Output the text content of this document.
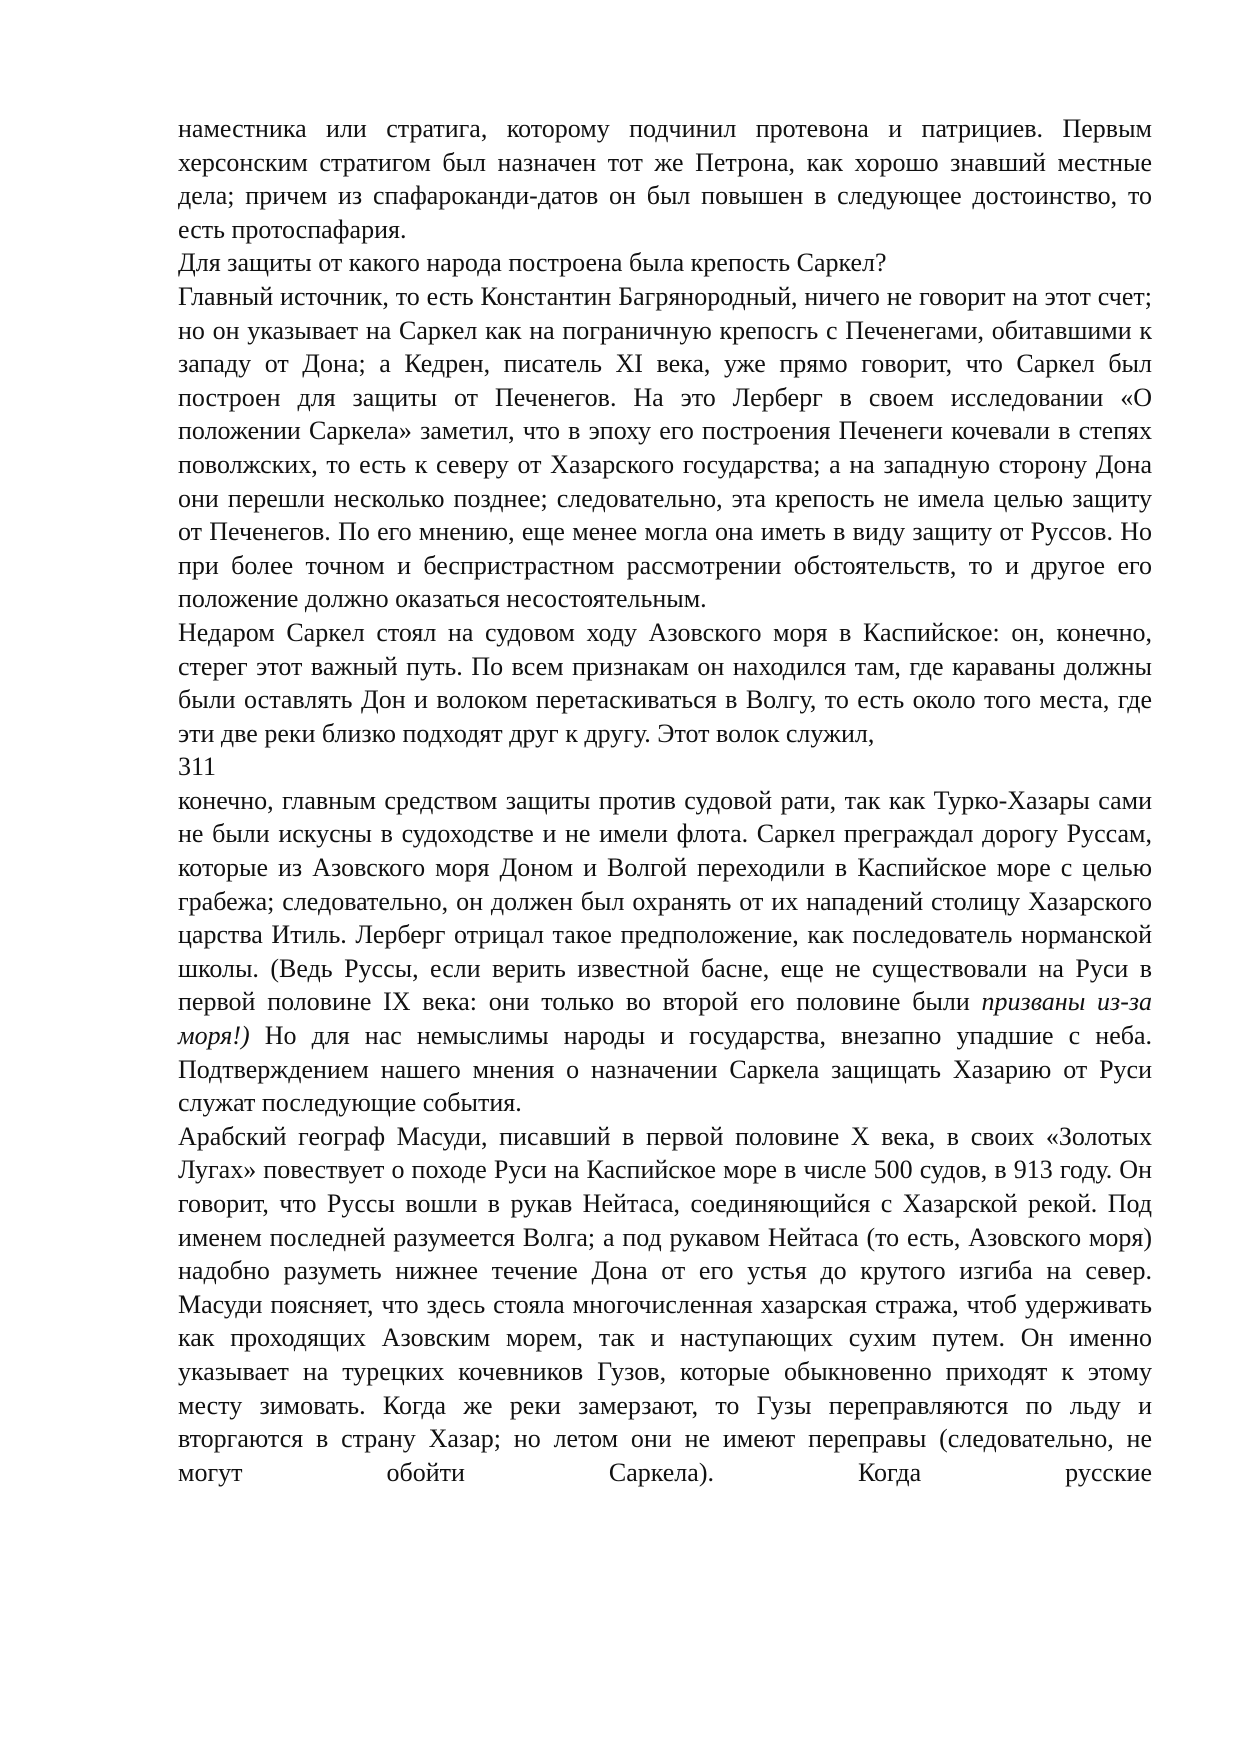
наместника или стратига, которому подчинил протевона и патрициев. Первым херсонским стратигом был назначен тот же Петрона, как хорошо знавший местные дела; причем из спафароканди-датов он был повышен в следующее достоинство, то есть протоспафария.

Для защиты от какого народа построена была крепость Саркел?

Главный источник, то есть Константин Багрянородный, ничего не говорит на этот счет; но он указывает на Саркел как на пограничную крепосгь с Печенегами, обитавшими к западу от Дона; а Кедрен, писатель XI века, уже прямо говорит, что Саркел был построен для защиты от Печенегов. На это Лерберг в своем исследовании «О положении Саркела» заметил, что в эпоху его построения Печенеги кочевали в степях поволжских, то есть к северу от Хазарского государства; а на западную сторону Дона они перешли несколько позднее; следовательно, эта крепость не имела целью защиту от Печенегов. По его мнению, еще менее могла она иметь в виду защиту от Руссов. Но при более точном и беспристрастном рассмотрении обстоятельств, то и другое его положение должно оказаться несостоятельным.

Недаром Саркел стоял на судовом ходу Азовского моря в Каспийское: он, конечно, стерег этот важный путь. По всем признакам он находился там, где караваны должны были оставлять Дон и волоком перетаскиваться в Волгу, то есть около того места, где эти две реки близко подходят друг к другу. Этот волок служил,

311

конечно, главным средством защиты против судовой рати, так как Турко-Хазары сами не были искусны в судоходстве и не имели флота. Саркел преграждал дорогу Руссам, которые из Азовского моря Доном и Волгой переходили в Каспийское море с целью грабежа; следовательно, он должен был охранять от их нападений столицу Хазарского царства Итиль. Лерберг отрицал такое предположение, как последователь норманской школы. (Ведь Руссы, если верить известной басне, еще не существовали на Руси в первой половине IX века: они только во второй его половине были призваны из-за моря!) Но для нас немыслимы народы и государства, внезапно упадшие с неба. Подтверждением нашего мнения о назначении Саркела защищать Хазарию от Руси служат последующие события.

Арабский географ Масуди, писавший в первой половине X века, в своих «Золотых Лугах» повествует о походе Руси на Каспийское море в числе 500 судов, в 913 году. Он говорит, что Руссы вошли в рукав Нейтаса, соединяющийся с Хазарской рекой. Под именем последней разумеется Волга; а под рукавом Нейтаса (то есть, Азовского моря) надобно разуметь нижнее течение Дона от его устья до крутого изгиба на север. Масуди поясняет, что здесь стояла многочисленная хазарская стража, чтоб удерживать как проходящих Азовским морем, так и наступающих сухим путем. Он именно указывает на турецких кочевников Гузов, которые обыкновенно приходят к этому месту зимовать. Когда же реки замерзают, то Гузы переправляются по льду и вторгаются в страну Хазар; но летом они не имеют переправы (следовательно, не могут обойти Саркела). Когда русские
